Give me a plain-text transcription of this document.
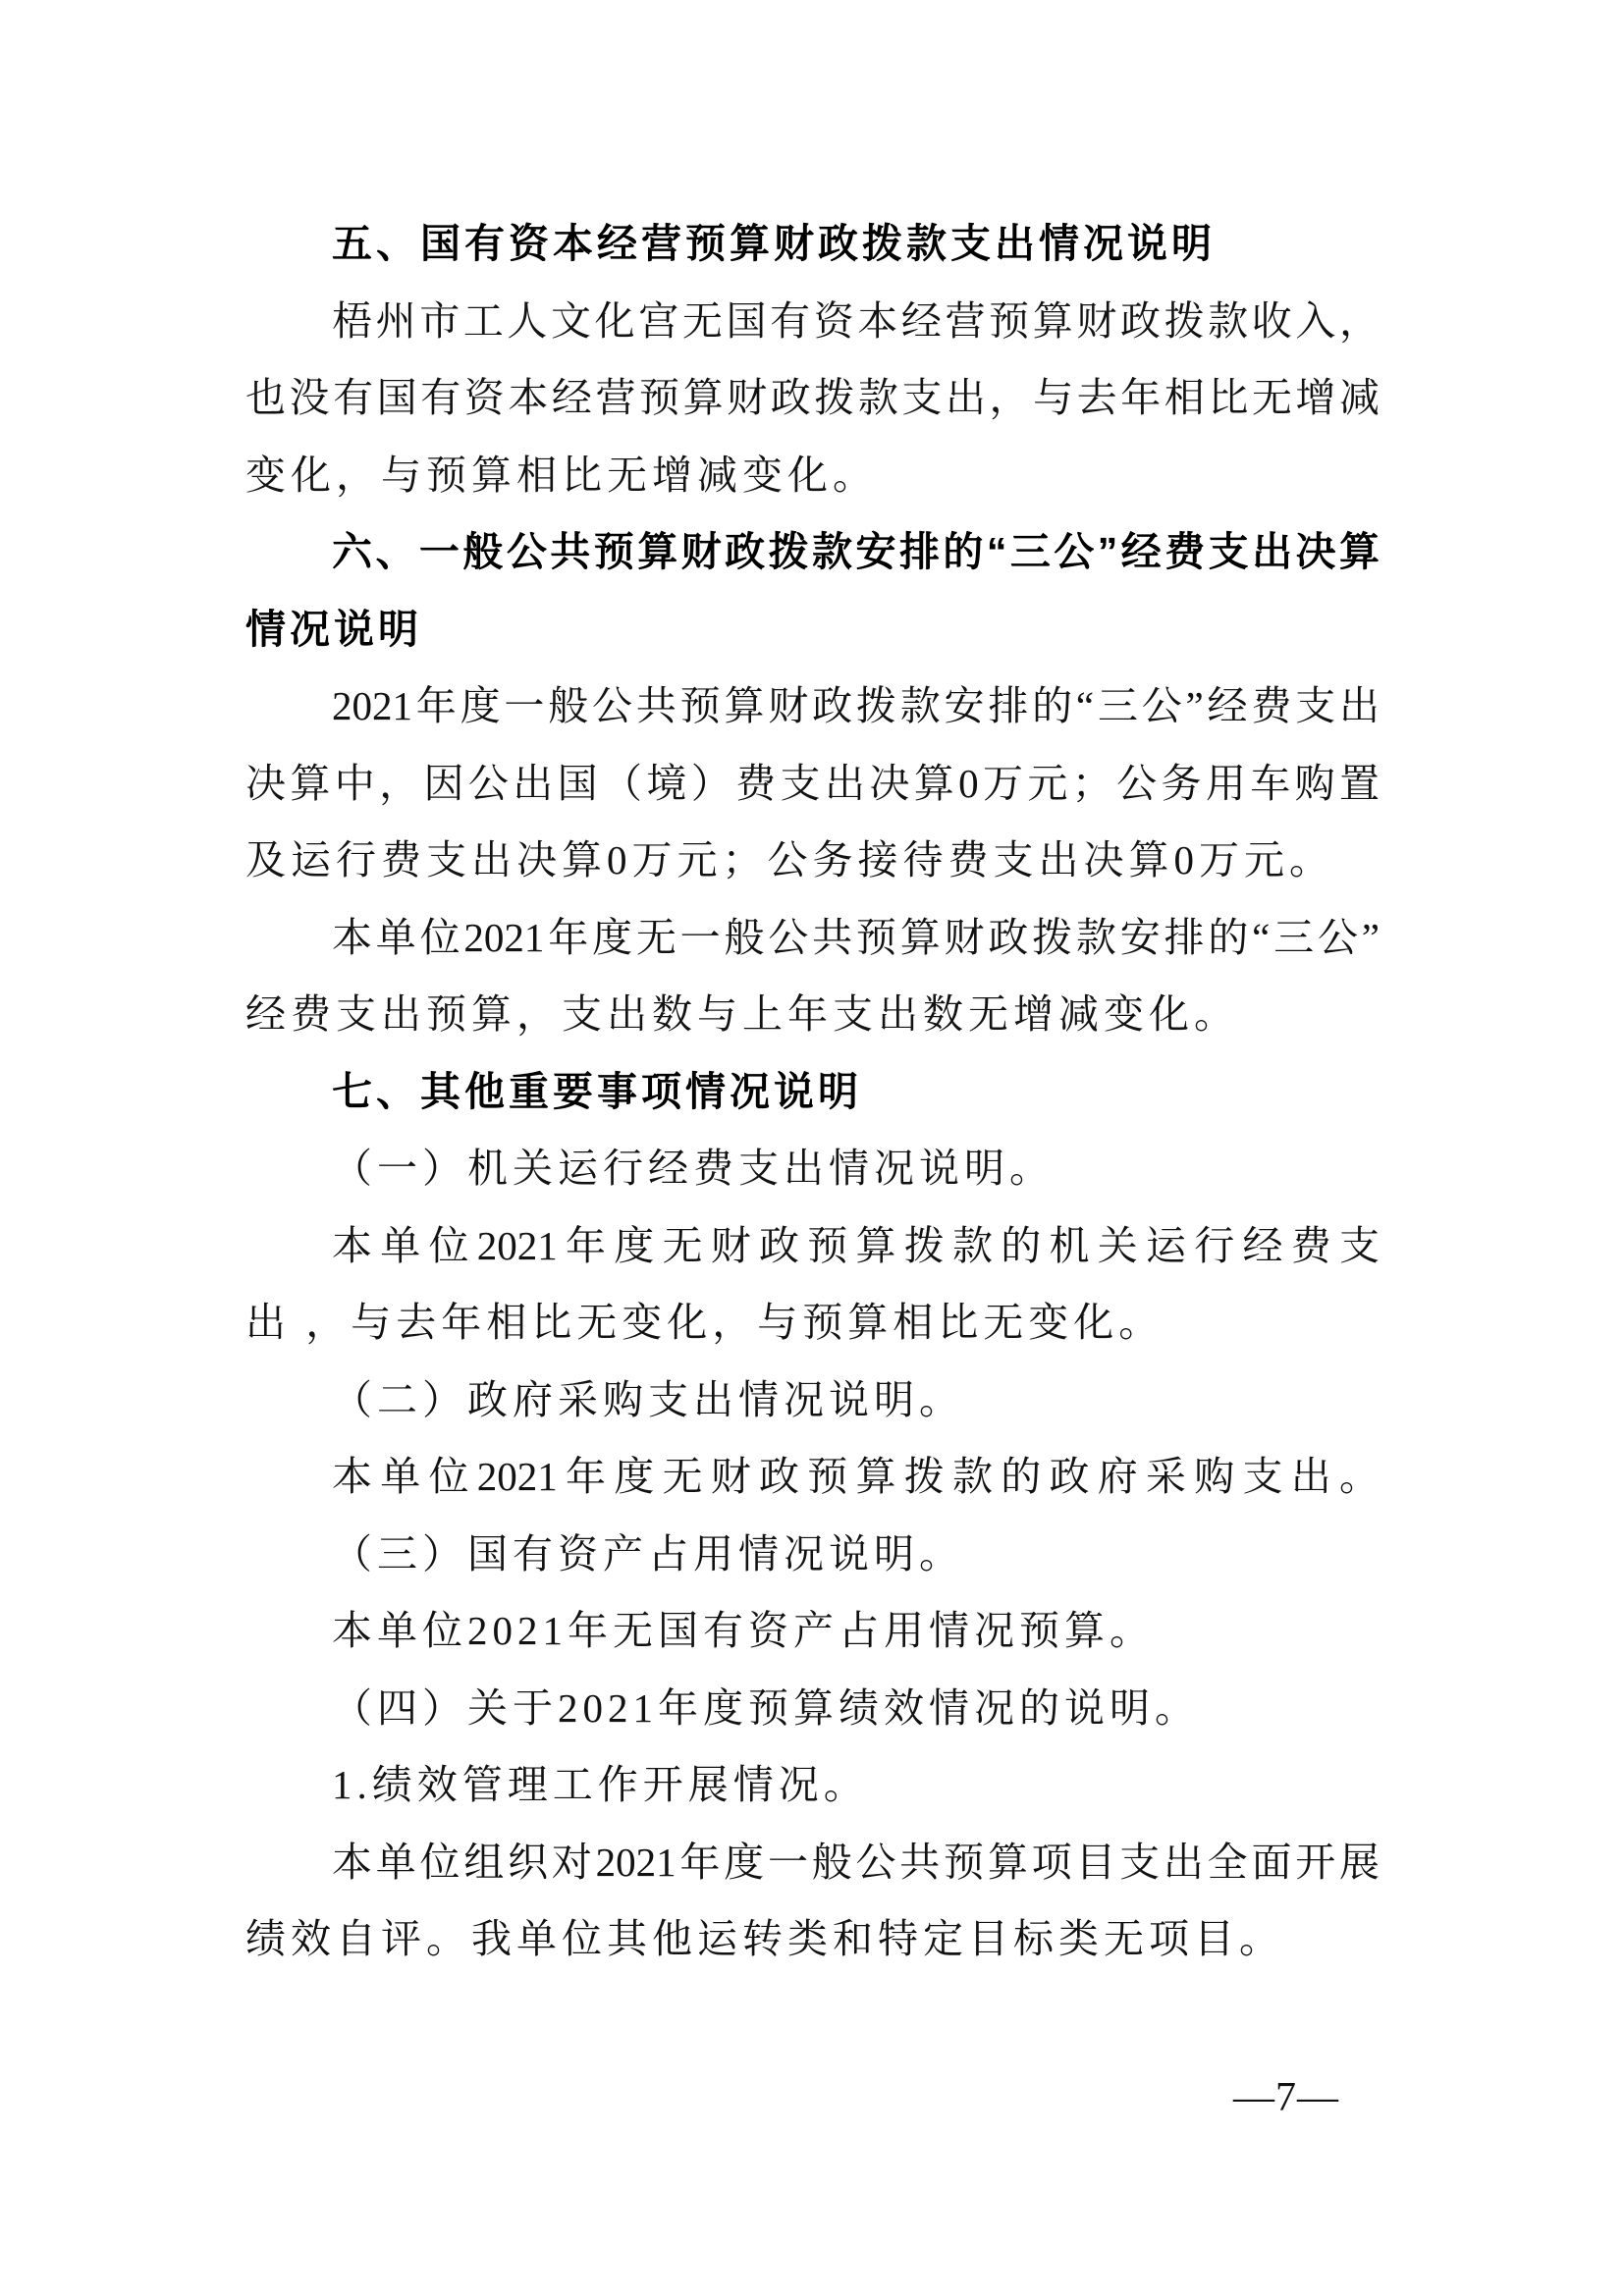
五、国有资本经营预算财政拨款支出情况说明
梧州市工人文化宫无国有资本经营预算财政拨款收入，
也没有国有资本经营预算财政拨款支出，与去年相比无增减
变化，与预算相比无增减变化。
六、一般公共预算财政拨款安排的“三公”经费支出决算
情况说明
2021年度一般公共预算财政拨款安排的“三公”经费支出
决算中，因公出国（境）费支出决算0万元；公务用车购置
及运行费支出决算0万元；公务接待费支出决算0万元。
本单位2021年度无一般公共预算财政拨款安排的“三公”
经费支出预算，支出数与上年支出数无增减变化。
七、其他重要事项情况说明
（一）机关运行经费支出情况说明。
本单位2021年度无财政预算拨款的机关运行经费支
出 ，与去年相比无变化，与预算相比无变化。
（二）政府采购支出情况说明。
本单位2021年度无财政预算拨款的政府采购支出。
（三）国有资产占用情况说明。
本单位2021年无国有资产占用情况预算。
（四）关于2021年度预算绩效情况的说明。
1.绩效管理工作开展情况。
本单位组织对2021年度一般公共预算项目支出全面开展
绩效自评。我单位其他运转类和特定目标类无项目。
—7—
